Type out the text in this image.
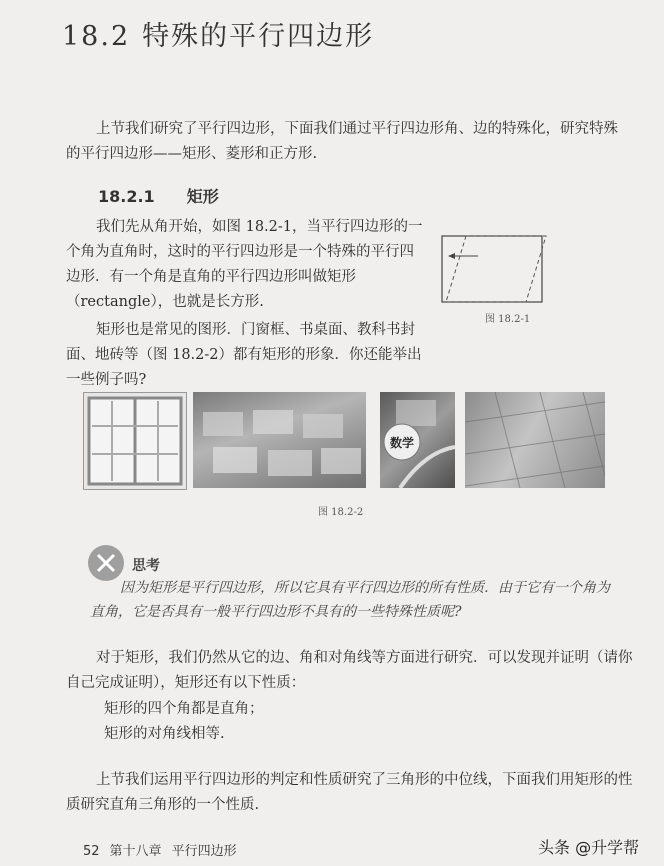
18.2 特殊的平行四边形
上节我们研究了平行四边形，下面我们通过平行四边形角、边的特殊化，研究特殊的平行四边形——矩形、菱形和正方形.
18.2.1 矩形
我们先从角开始，如图 18.2-1，当平行四边形的一个角为直角时，这时的平行四边形是一个特殊的平行四边形．有一个角是直角的平行四边形叫做矩形（rectangle），也就是长方形.
矩形也是常见的图形．门窗框、书桌面、教科书封面、地砖等（图 18.2-2）都有矩形的形象．你还能举出一些例子吗?
图 18.2-1
数学
图 18.2-2
思考
因为矩形是平行四边形，所以它具有平行四边形的所有性质．由于它有一个角为直角，它是否具有一般平行四边形不具有的一些特殊性质呢?
对于矩形，我们仍然从它的边、角和对角线等方面进行研究．可以发现并证明（请你自己完成证明），矩形还有以下性质：
矩形的四个角都是直角；
矩形的对角线相等.
上节我们运用平行四边形的判定和性质研究了三角形的中位线，下面我们用矩形的性质研究直角三角形的一个性质.
52 第十八章 平行四边形	头条 @升学帮
